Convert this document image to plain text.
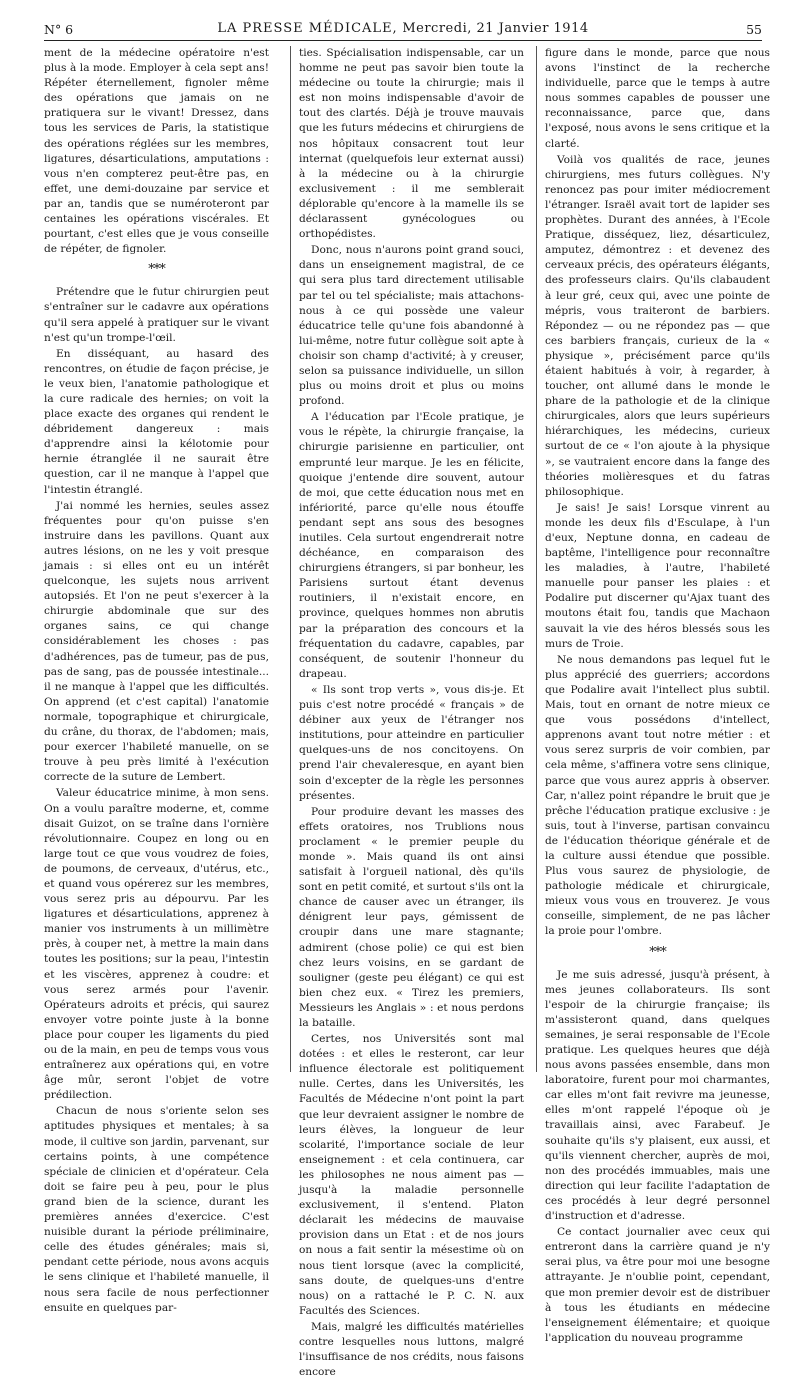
N° 6	LA PRESSE MÉDICALE, Mercredi, 21 Janvier 1914	55

ment de la médecine opératoire n'est plus à la mode. Employer à cela sept ans! Répéter éternellement, fignoler même des opérations que jamais on ne pratiquera sur le vivant! Dressez, dans tous les services de Paris, la statistique des opérations réglées sur les membres, ligatures, désarticulations, amputations : vous n'en compterez peut-être pas, en effet, une demi-douzaine par service et par an, tandis que se numéroteront par centaines les opérations viscérales. Et pourtant, c'est elles que je vous conseille de répéter, de fignoler.

***

Prétendre que le futur chirurgien peut s'entraîner sur le cadavre aux opérations qu'il sera appelé à pratiquer sur le vivant n'est qu'un trompe-l'œil.

En disséquant, au hasard des rencontres, on étudie de façon précise, je le veux bien, l'anatomie pathologique et la cure radicale des hernies; on voit la place exacte des organes qui rendent le débridement dangereux : mais d'apprendre ainsi la kélotomie pour hernie étranglée il ne saurait être question, car il ne manque à l'appel que l'intestin étranglé.

J'ai nommé les hernies, seules assez fréquentes pour qu'on puisse s'en instruire dans les pavillons. Quant aux autres lésions, on ne les y voit presque jamais : si elles ont eu un intérêt quelconque, les sujets nous arrivent autopsiés. Et l'on ne peut s'exercer à la chirurgie abdominale que sur des organes sains, ce qui change considérablement les choses : pas d'adhérences, pas de tumeur, pas de pus, pas de sang, pas de poussée intestinale... il ne manque à l'appel que les difficultés. On apprend (et c'est capital) l'anatomie normale, topographique et chirurgicale, du crâne, du thorax, de l'abdomen; mais, pour exercer l'habileté manuelle, on se trouve à peu près limité à l'exécution correcte de la suture de Lembert.

Valeur éducatrice minime, à mon sens. On a voulu paraître moderne, et, comme disait Guizot, on se traîne dans l'ornière révolutionnaire. Coupez en long ou en large tout ce que vous voudrez de foies, de poumons, de cerveaux, d'utérus, etc., et quand vous opérerez sur les membres, vous serez pris au dépourvu. Par les ligatures et désarticulations, apprenez à manier vos instruments à un millimètre près, à couper net, à mettre la main dans toutes les positions; sur la peau, l'intestin et les viscères, apprenez à coudre: et vous serez armés pour l'avenir. Opérateurs adroits et précis, qui saurez envoyer votre pointe juste à la bonne place pour couper les ligaments du pied ou de la main, en peu de temps vous vous entraînerez aux opérations qui, en votre âge mûr, seront l'objet de votre prédilection.

Chacun de nous s'oriente selon ses aptitudes physiques et mentales; à sa mode, il cultive son jardin, parvenant, sur certains points, à une compétence spéciale de clinicien et d'opérateur. Cela doit se faire peu à peu, pour le plus grand bien de la science, durant les premières années d'exercice. C'est nuisible durant la période préliminaire, celle des études générales; mais si, pendant cette période, nous avons acquis le sens clinique et l'habileté manuelle, il nous sera facile de nous perfectionner ensuite en quelques par-

ties. Spécialisation indispensable, car un homme ne peut pas savoir bien toute la médecine ou toute la chirurgie; mais il est non moins indispensable d'avoir de tout des clartés. Déjà je trouve mauvais que les futurs médecins et chirurgiens de nos hôpitaux consacrent tout leur internat (quelquefois leur externat aussi) à la médecine ou à la chirurgie exclusivement : il me semblerait déplorable qu'encore à la mamelle ils se déclarassent gynécologues ou orthopédistes.

Donc, nous n'aurons point grand souci, dans un enseignement magistral, de ce qui sera plus tard directement utilisable par tel ou tel spécialiste; mais attachons-nous à ce qui possède une valeur éducatrice telle qu'une fois abandonné à lui-même, notre futur collègue soit apte à choisir son champ d'activité; à y creuser, selon sa puissance individuelle, un sillon plus ou moins droit et plus ou moins profond.

A l'éducation par l'Ecole pratique, je vous le répète, la chirurgie française, la chirurgie parisienne en particulier, ont emprunté leur marque. Je les en félicite, quoique j'entende dire souvent, autour de moi, que cette éducation nous met en infériorité, parce qu'elle nous étouffe pendant sept ans sous des besognes inutiles. Cela surtout engendrerait notre déchéance, en comparaison des chirurgiens étrangers, si par bonheur, les Parisiens surtout étant devenus routiniers, il n'existait encore, en province, quelques hommes non abrutis par la préparation des concours et la fréquentation du cadavre, capables, par conséquent, de soutenir l'honneur du drapeau.

« Ils sont trop verts », vous dis-je. Et puis c'est notre procédé « français » de débiner aux yeux de l'étranger nos institutions, pour atteindre en particulier quelques-uns de nos concitoyens. On prend l'air chevaleresque, en ayant bien soin d'excepter de la règle les personnes présentes.

Pour produire devant les masses des effets oratoires, nos Trublions nous proclament « le premier peuple du monde ». Mais quand ils ont ainsi satisfait à l'orgueil national, dès qu'ils sont en petit comité, et surtout s'ils ont la chance de causer avec un étranger, ils dénigrent leur pays, gémissent de croupir dans une mare stagnante; admirent (chose polie) ce qui est bien chez leurs voisins, en se gardant de souligner (geste peu élégant) ce qui est bien chez eux. « Tirez les premiers, Messieurs les Anglais » : et nous perdons la bataille.

Certes, nos Universités sont mal dotées : et elles le resteront, car leur influence électorale est politiquement nulle. Certes, dans les Universités, les Facultés de Médecine n'ont point la part que leur devraient assigner le nombre de leurs élèves, la longueur de leur scolarité, l'importance sociale de leur enseignement : et cela continuera, car les philosophes ne nous aiment pas — jusqu'à la maladie personnelle exclusivement, il s'entend. Platon déclarait les médecins de mauvaise provision dans un Etat : et de nos jours on nous a fait sentir la mésestime où on nous tient lorsque (avec la complicité, sans doute, de quelques-uns d'entre nous) on a rattaché le P. C. N. aux Facultés des Sciences.

Mais, malgré les difficultés matérielles contre lesquelles nous luttons, malgré l'insuffisance de nos crédits, nous faisons encore

figure dans le monde, parce que nous avons l'instinct de la recherche individuelle, parce que le temps à autre nous sommes capables de pousser une reconnaissance, parce que, dans l'exposé, nous avons le sens critique et la clarté.

Voilà vos qualités de race, jeunes chirurgiens, mes futurs collègues. N'y renoncez pas pour imiter médiocrement l'étranger. Israël avait tort de lapider ses prophètes. Durant des années, à l'Ecole Pratique, disséquez, liez, désarticulez, amputez, démontrez : et devenez des cerveaux précis, des opérateurs élégants, des professeurs clairs. Qu'ils clabaudent à leur gré, ceux qui, avec une pointe de mépris, vous traiteront de barbiers. Répondez — ou ne répondez pas — que ces barbiers français, curieux de la « physique », précisément parce qu'ils étaient habitués à voir, à regarder, à toucher, ont allumé dans le monde le phare de la pathologie et de la clinique chirurgicales, alors que leurs supérieurs hiérarchiques, les médecins, curieux surtout de ce « l'on ajoute à la physique », se vautraient encore dans la fange des théories molièresques et du fatras philosophique.

Je sais! Je sais! Lorsque vinrent au monde les deux fils d'Esculape, à l'un d'eux, Neptune donna, en cadeau de baptême, l'intelligence pour reconnaître les maladies, à l'autre, l'habileté manuelle pour panser les plaies : et Podalire put discerner qu'Ajax tuant des moutons était fou, tandis que Machaon sauvait la vie des héros blessés sous les murs de Troie.

Ne nous demandons pas lequel fut le plus apprécié des guerriers; accordons que Podalire avait l'intellect plus subtil. Mais, tout en ornant de notre mieux ce que vous possédons d'intellect, apprenons avant tout notre métier : et vous serez surpris de voir combien, par cela même, s'affinera votre sens clinique, parce que vous aurez appris à observer. Car, n'allez point répandre le bruit que je prêche l'éducation pratique exclusive : je suis, tout à l'inverse, partisan convaincu de l'éducation théorique générale et de la culture aussi étendue que possible. Plus vous saurez de physiologie, de pathologie médicale et chirurgicale, mieux vous vous en trouverez. Je vous conseille, simplement, de ne pas lâcher la proie pour l'ombre.

***

Je me suis adressé, jusqu'à présent, à mes jeunes collaborateurs. Ils sont l'espoir de la chirurgie française; ils m'assisteront quand, dans quelques semaines, je serai responsable de l'Ecole pratique. Les quelques heures que déjà nous avons passées ensemble, dans mon laboratoire, furent pour moi charmantes, car elles m'ont fait revivre ma jeunesse, elles m'ont rappelé l'époque où je travaillais ainsi, avec Farabeuf. Je souhaite qu'ils s'y plaisent, eux aussi, et qu'ils viennent chercher, auprès de moi, non des procédés immuables, mais une direction qui leur facilite l'adaptation de ces procédés à leur degré personnel d'instruction et d'adresse.

Ce contact journalier avec ceux qui entreront dans la carrière quand je n'y serai plus, va être pour moi une besogne attrayante. Je n'oublie point, cependant, que mon premier devoir est de distribuer à tous les étudiants en médecine l'enseignement élémentaire; et quoique l'application du nouveau programme
